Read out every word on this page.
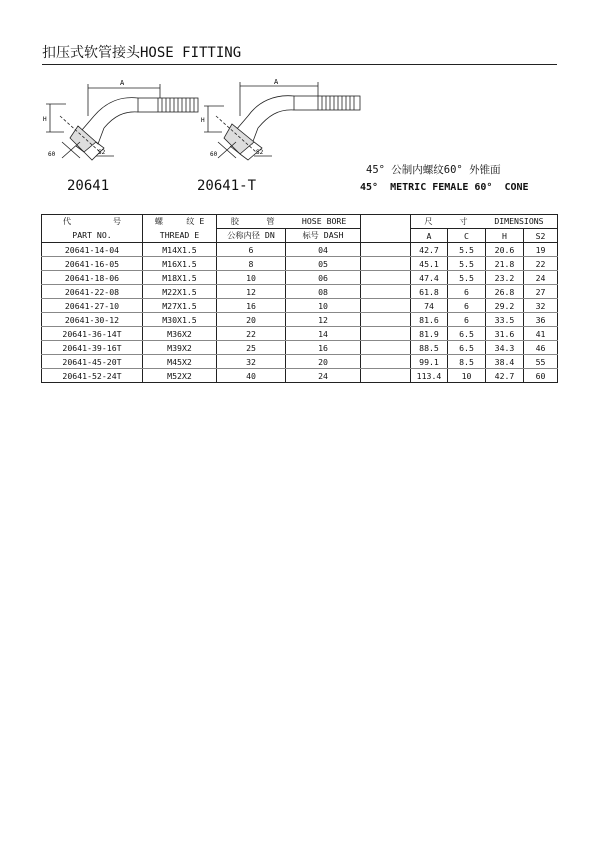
扣压式软管接头HOSE FITTING
A
H
60	S2
A
H
60	S2
20641	20641-T
45° 公制内螺纹60° 外锥面
45°  METRIC FEMALE 60°  CONE
代 号	螺 纹 E	胶 管 HOSE BORE			尺 寸 DIMENSIONS			

PART NO.	THREAD E	公称内径 DN	标号 DASH		A	C	H	S2
20641-14-04	M14X1.5	6	04		42.7	5.5	20.6	19
20641-16-05	M16X1.5	8	05		45.1	5.5	21.8	22
20641-18-06	M18X1.5	10	06		47.4	5.5	23.2	24
20641-22-08	M22X1.5	12	08		61.8	6	26.8	27
20641-27-10	M27X1.5	16	10		74	6	29.2	32
20641-30-12	M30X1.5	20	12		81.6	6	33.5	36
20641-36-14T	M36X2	22	14		81.9	6.5	31.6	41
20641-39-16T	M39X2	25	16		88.5	6.5	34.3	46
20641-45-20T	M45X2	32	20		99.1	8.5	38.4	55
20641-52-24T	M52X2	40	24		113.4	10	42.7	60
